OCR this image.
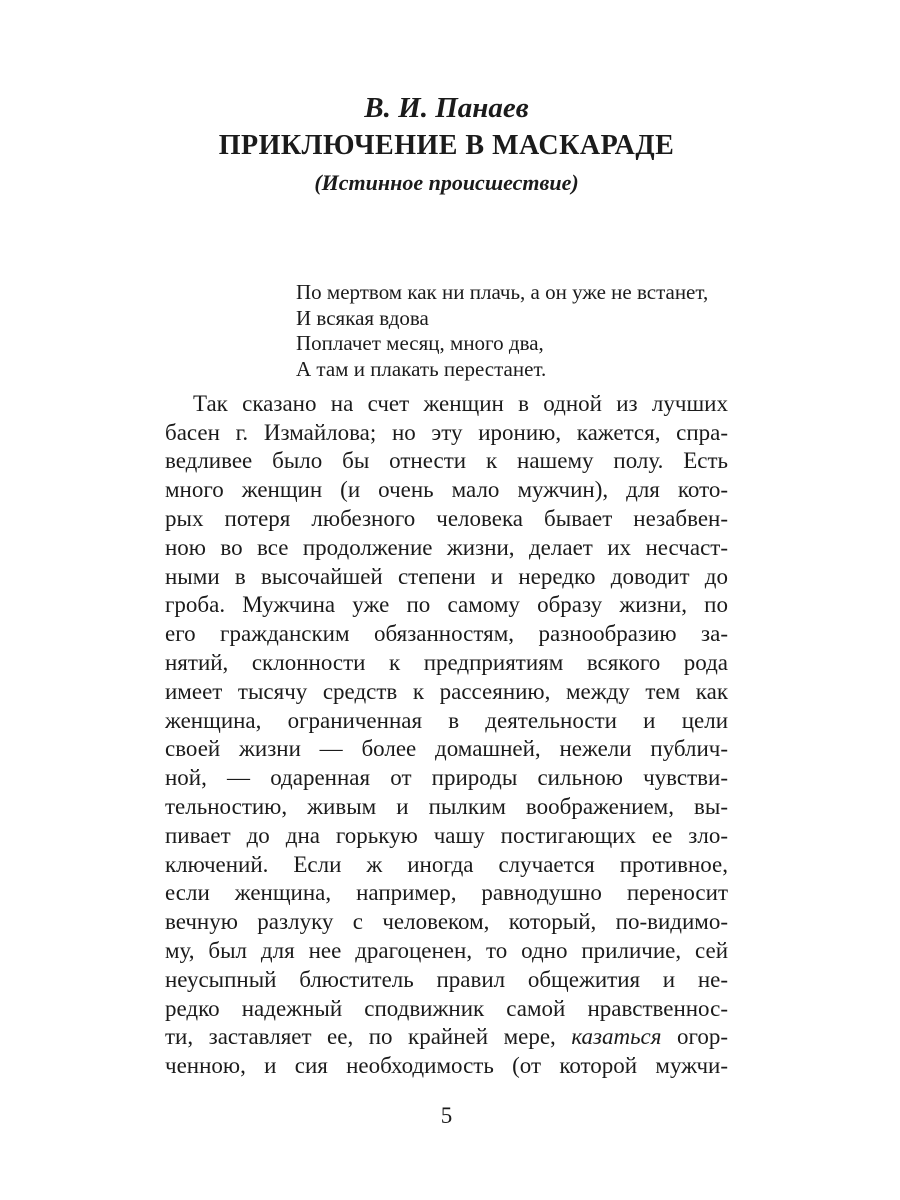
В. И. Панаев
ПРИКЛЮЧЕНИЕ В МАСКАРАДЕ
(Истинное происшествие)
По мертвом как ни плачь, а он уже не встанет,
И всякая вдова
Поплачет месяц, много два,
А там и плакать перестанет.
Так сказано на счет женщин в одной из лучших
басен г. Измайлова; но эту иронию, кажется, спра-
ведливее было бы отнести к нашему полу. Есть
много женщин (и очень мало мужчин), для кото-
рых потеря любезного человека бывает незабвен-
ною во все продолжение жизни, делает их несчаст-
ными в высочайшей степени и нередко доводит до
гроба. Мужчина уже по самому образу жизни, по
его гражданским обязанностям, разнообразию за-
нятий, склонности к предприятиям всякого рода
имеет тысячу средств к рассеянию, между тем как
женщина, ограниченная в деятельности и цели
своей жизни — более домашней, нежели публич-
ной, — одаренная от природы сильною чувстви-
тельностию, живым и пылким воображением, вы-
пивает до дна горькую чашу постигающих ее зло-
ключений. Если ж иногда случается противное,
если женщина, например, равнодушно переносит
вечную разлуку с человеком, который, по-видимо-
му, был для нее драгоценен, то одно приличие, сей
неусыпный блюститель правил общежития и не-
редко надежный сподвижник самой нравственнос-
ти, заставляет ее, по крайней мере, казаться огор-
ченною, и сия необходимость (от которой мужчи-
5
